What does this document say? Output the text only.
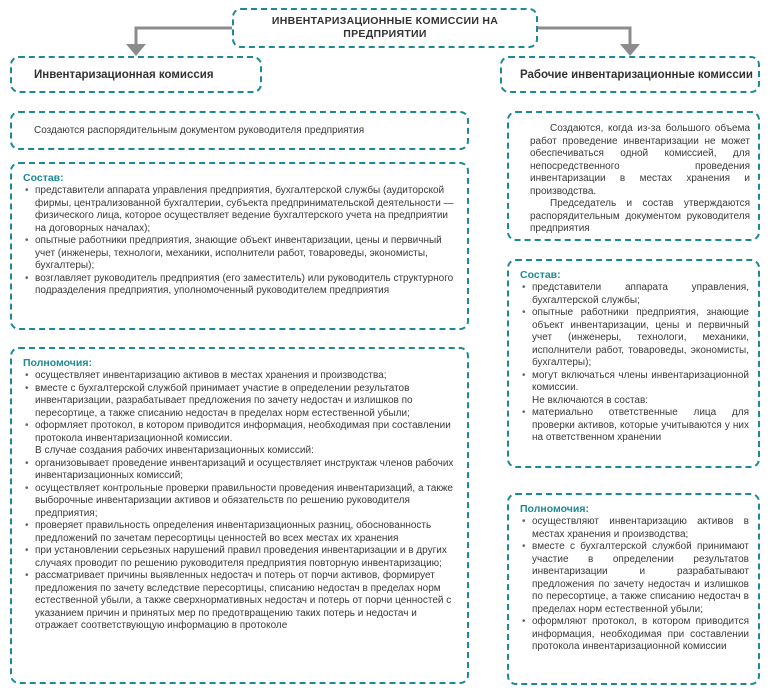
ИНВЕНТАРИЗАЦИОННЫЕ КОМИССИИ НА ПРЕДПРИЯТИИ
Инвентаризационная комиссия	Рабочие инвентаризационные комиссии
Создаются распорядительным документом руководителя предприятия
Состав:
• представители аппарата управления предприятия, бухгалтерской службы (аудиторской фирмы, централизованной бухгалтерии, субъекта предпринимательской деятельности — физического лица, которое осуществляет ведение бухгалтерского учета на предприятии на договорных началах);
• опытные работники предприятия, знающие объект инвентаризации, цены и первичный учет (инженеры, технологи, механики, исполнители работ, товароведы, экономисты, бухгалтеры);
• возглавляет руководитель предприятия (его заместитель) или руководитель структурного подразделения предприятия, уполномоченный руководителем предприятия
Полномочия:
• осуществляет инвентаризацию активов в местах хранения и производства;
• вместе с бухгалтерской службой принимает участие в определении результатов инвентаризации, разрабатывает предложения по зачету недостач и излишков по пересортице, а также списанию недостач в пределах норм естественной убыли;
• оформляет протокол, в котором приводится информация, необходимая при составлении протокола инвентаризационной комиссии.
В случае создания рабочих инвентаризационных комиссий:
• организовывает проведение инвентаризаций и осуществляет инструктаж членов рабочих инвентаризационных комиссий;
• осуществляет контрольные проверки правильности проведения инвентаризаций, а также выборочные инвентаризации активов и обязательств по решению руководителя предприятия;
• проверяет правильность определения инвентаризационных разниц, обоснованность предложений по зачетам пересортицы ценностей во всех местах их хранения
• при установлении серьезных нарушений правил проведения инвентаризации и в других случаях проводит по решению руководителя предприятия повторную инвентаризацию;
• рассматривает причины выявленных недостач и потерь от порчи активов, формирует предложения по зачету вследствие пересортицы, списанию недостач в пределах норм естественной убыли, а также сверхнормативных недостач и потерь от порчи ценностей с указанием причин и принятых мер по предотвращению таких потерь и недостач и отражает соответствующую информацию в протоколе
Создаются, когда из-за большого объема работ проведение инвентаризации не может обеспечиваться одной комиссией, для непосредственного проведения инвентаризации в местах хранения и производства.
Председатель и состав утверждаются распорядительным документом руководителя предприятия
Состав:
• представители аппарата управления, бухгалтерской службы;
• опытные работники предприятия, знающие объект инвентаризации, цены и первичный учет (инженеры, технологи, механики, исполнители работ, товароведы, экономисты, бухгалтеры);
• могут включаться члены инвентаризационной комиссии.
Не включаются в состав:
• материально ответственные лица для проверки активов, которые учитываются у них на ответственном хранении
Полномочия:
• осуществляют инвентаризацию активов в местах хранения и производства;
• вместе с бухгалтерской службой принимают участие в определении результатов инвентаризации и разрабатывают предложения по зачету недостач и излишков по пересортице, а также списанию недостач в пределах норм естественной убыли;
• оформляют протокол, в котором приводится информация, необходимая при составлении протокола инвентаризационной комиссии
